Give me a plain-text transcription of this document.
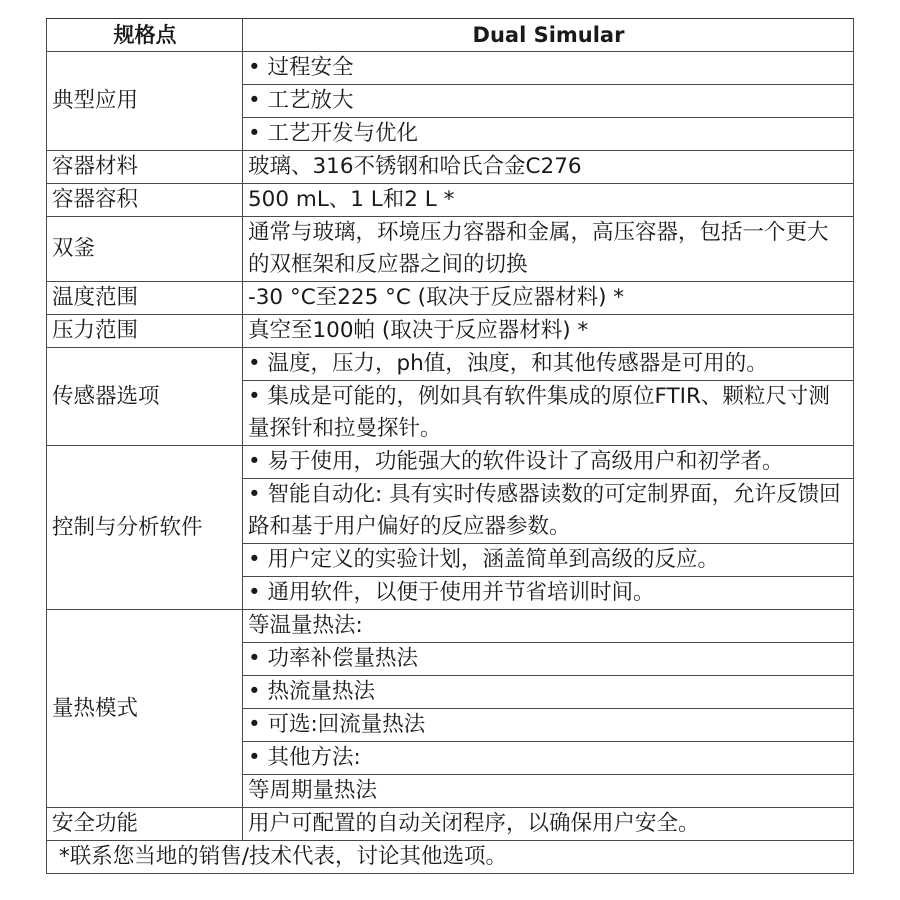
规格点	Dual Simular
典型应用	• 过程安全
	• 工艺放大
	• 工艺开发与优化
容器材料	玻璃、316不锈钢和哈氏合金C276
容器容积	500 mL、1 L和2 L *
双釜	通常与玻璃，环境压力容器和金属，高压容器，包括一个更大的双框架和反应器之间的切换
温度范围	-30 °C至225 °C (取决于反应器材料) *
压力范围	真空至100帕 (取决于反应器材料) *
传感器选项	• 温度，压力，ph值，浊度，和其他传感器是可用的。
	• 集成是可能的，例如具有软件集成的原位FTIR、颗粒尺寸测量探针和拉曼探针。
控制与分析软件	• 易于使用，功能强大的软件设计了高级用户和初学者。
	• 智能自动化: 具有实时传感器读数的可定制界面，允许反馈回路和基于用户偏好的反应器参数。
	• 用户定义的实验计划，涵盖简单到高级的反应。
	• 通用软件，以便于使用并节省培训时间。
量热模式	等温量热法:
	• 功率补偿量热法
	• 热流量热法
	• 可选:回流量热法
	• 其他方法:
	等周期量热法
安全功能	用户可配置的自动关闭程序，以确保用户安全。
*联系您当地的销售/技术代表，讨论其他选项。	
